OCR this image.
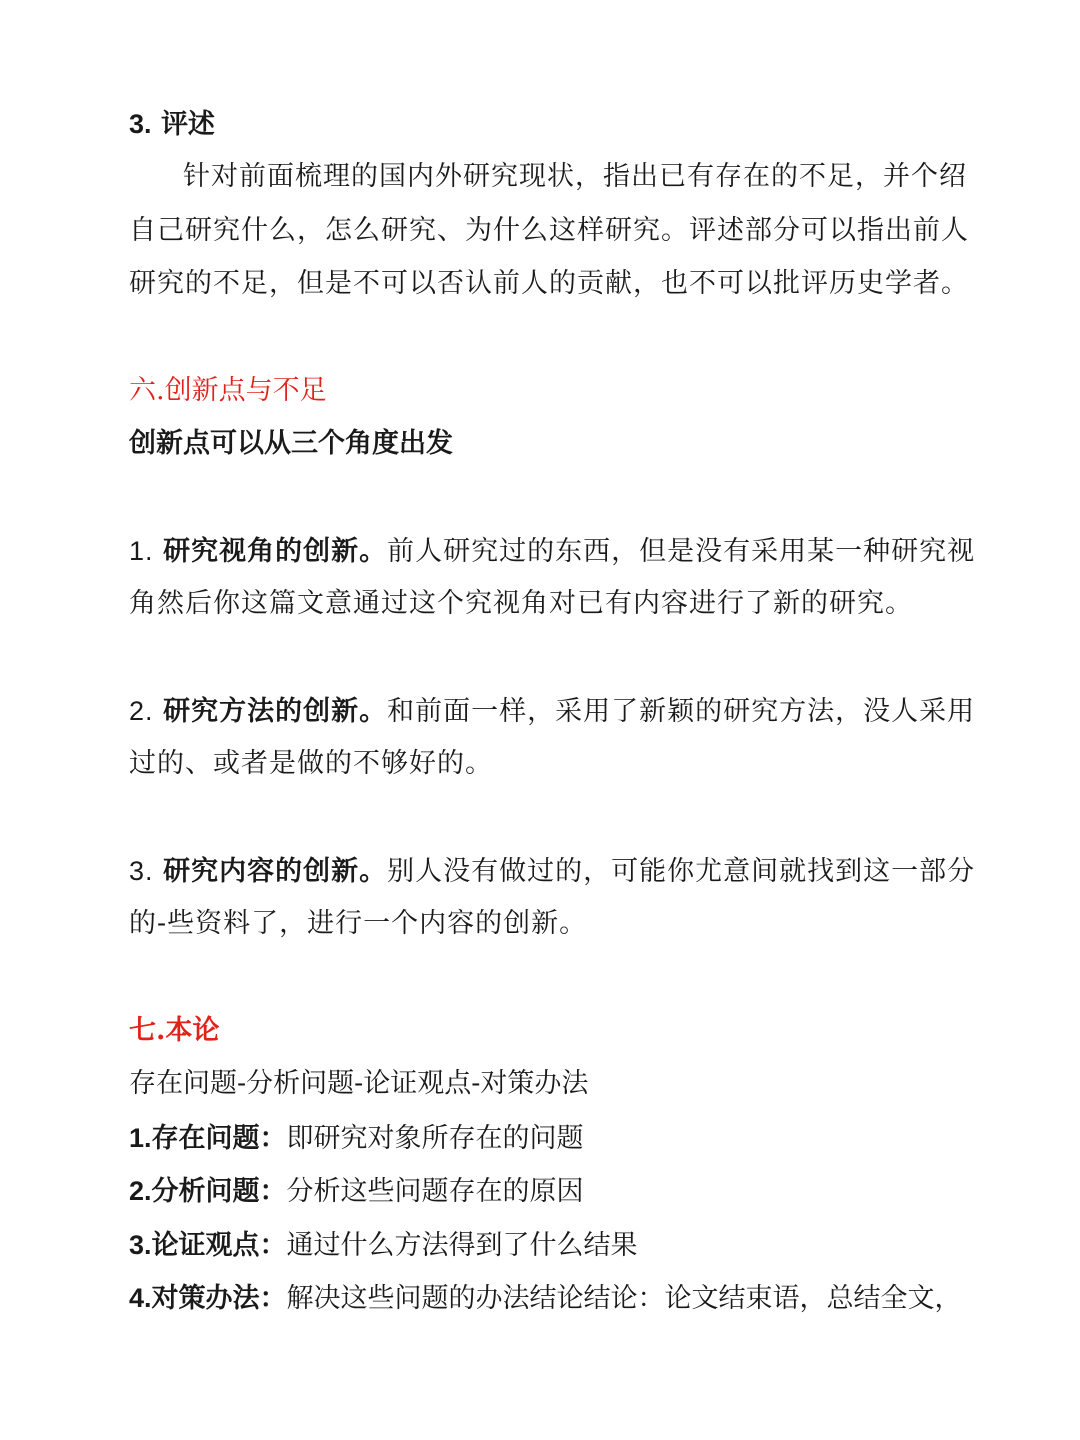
3. 评述
针对前面梳理的国内外研究现状，指出已有存在的不足，并个绍
自己研究什么，怎么研究、为什么这样研究。评述部分可以指出前人
研究的不足，但是不可以否认前人的贡献，也不可以批评历史学者。
六.创新点与不足
创新点可以从三个角度出发
1. 研究视角的创新。前人研究过的东西，但是没有采用某一种研究视
角然后你这篇文意通过这个究视角对已有内容进行了新的研究。
2. 研究方法的创新。和前面一样，采用了新颖的研究方法，没人采用
过的、或者是做的不够好的。
3. 研究内容的创新。别人没有做过的，可能你尤意间就找到这一部分
的-些资料了，进行一个内容的创新。
七.本论
存在问题-分析问题-论证观点-对策办法
1.存在问题：即研究对象所存在的问题
2.分析问题：分析这些问题存在的原因
3.论证观点：通过什么方法得到了什么结果
4.对策办法：解决这些问题的办法结论结论：论文结束语，总结全文，
